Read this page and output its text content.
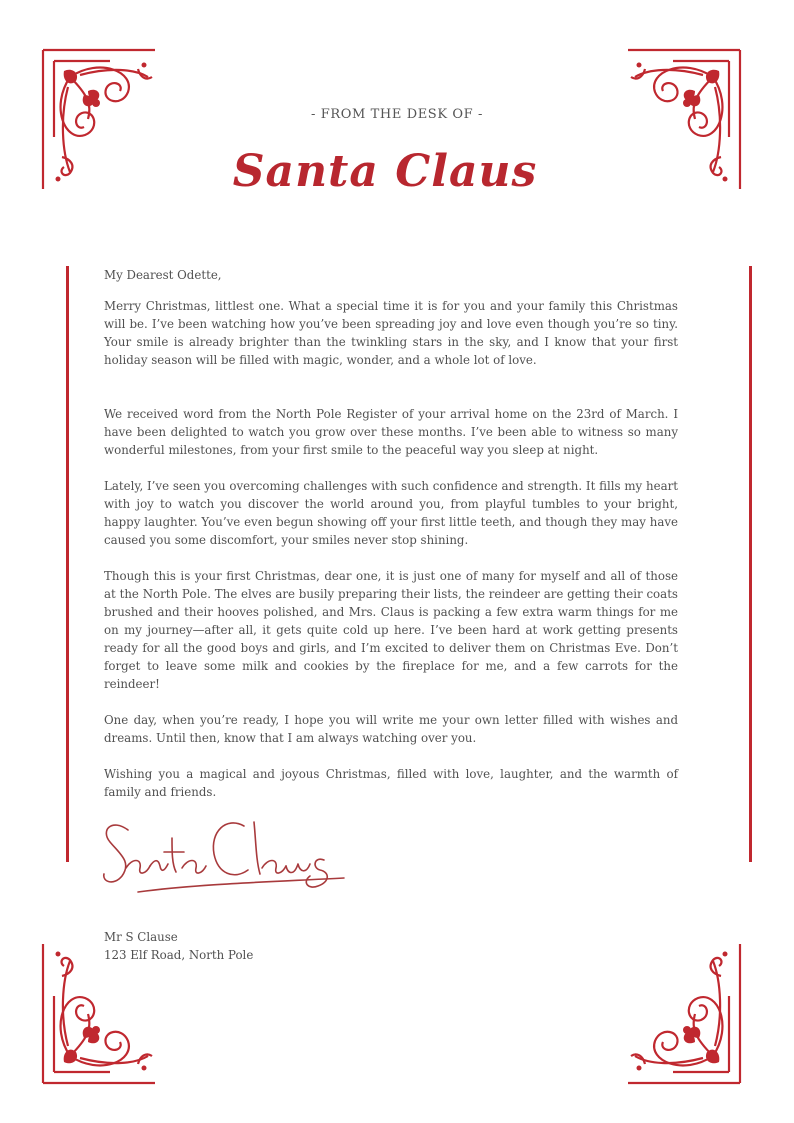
- FROM THE DESK OF -
Santa Claus

My Dearest Odette,

Merry Christmas, littlest one. What a special time it is for you and your family this Christmas will be. I’ve been watching how you’ve been spreading joy and love even though you’re so tiny. Your smile is already brighter than the twinkling stars in the sky, and I know that your first holiday season will be filled with magic, wonder, and a whole lot of love.

We received word from the North Pole Register of your arrival home on the 23rd of March. I have been delighted to watch you grow over these months. I’ve been able to witness so many wonderful milestones, from your first smile to the peaceful way you sleep at night.

Lately, I’ve seen you overcoming challenges with such confidence and strength. It fills my heart with joy to watch you discover the world around you, from playful tumbles to your bright, happy laughter. You’ve even begun showing off your first little teeth, and though they may have caused you some discomfort, your smiles never stop shining.

Though this is your first Christmas, dear one, it is just one of many for myself and all of those at the North Pole. The elves are busily preparing their lists, the reindeer are getting their coats brushed and their hooves polished, and Mrs. Claus is packing a few extra warm things for me on my journey—after all, it gets quite cold up here. I’ve been hard at work getting presents ready for all the good boys and girls, and I’m excited to deliver them on Christmas Eve. Don’t forget to leave some milk and cookies by the fireplace for me, and a few carrots for the reindeer!

One day, when you’re ready, I hope you will write me your own letter filled with wishes and dreams. Until then, know that I am always watching over you.

Wishing you a magical and joyous Christmas, filled with love, laughter, and the warmth of family and friends.

Mr S Clause
123 Elf Road, North Pole
